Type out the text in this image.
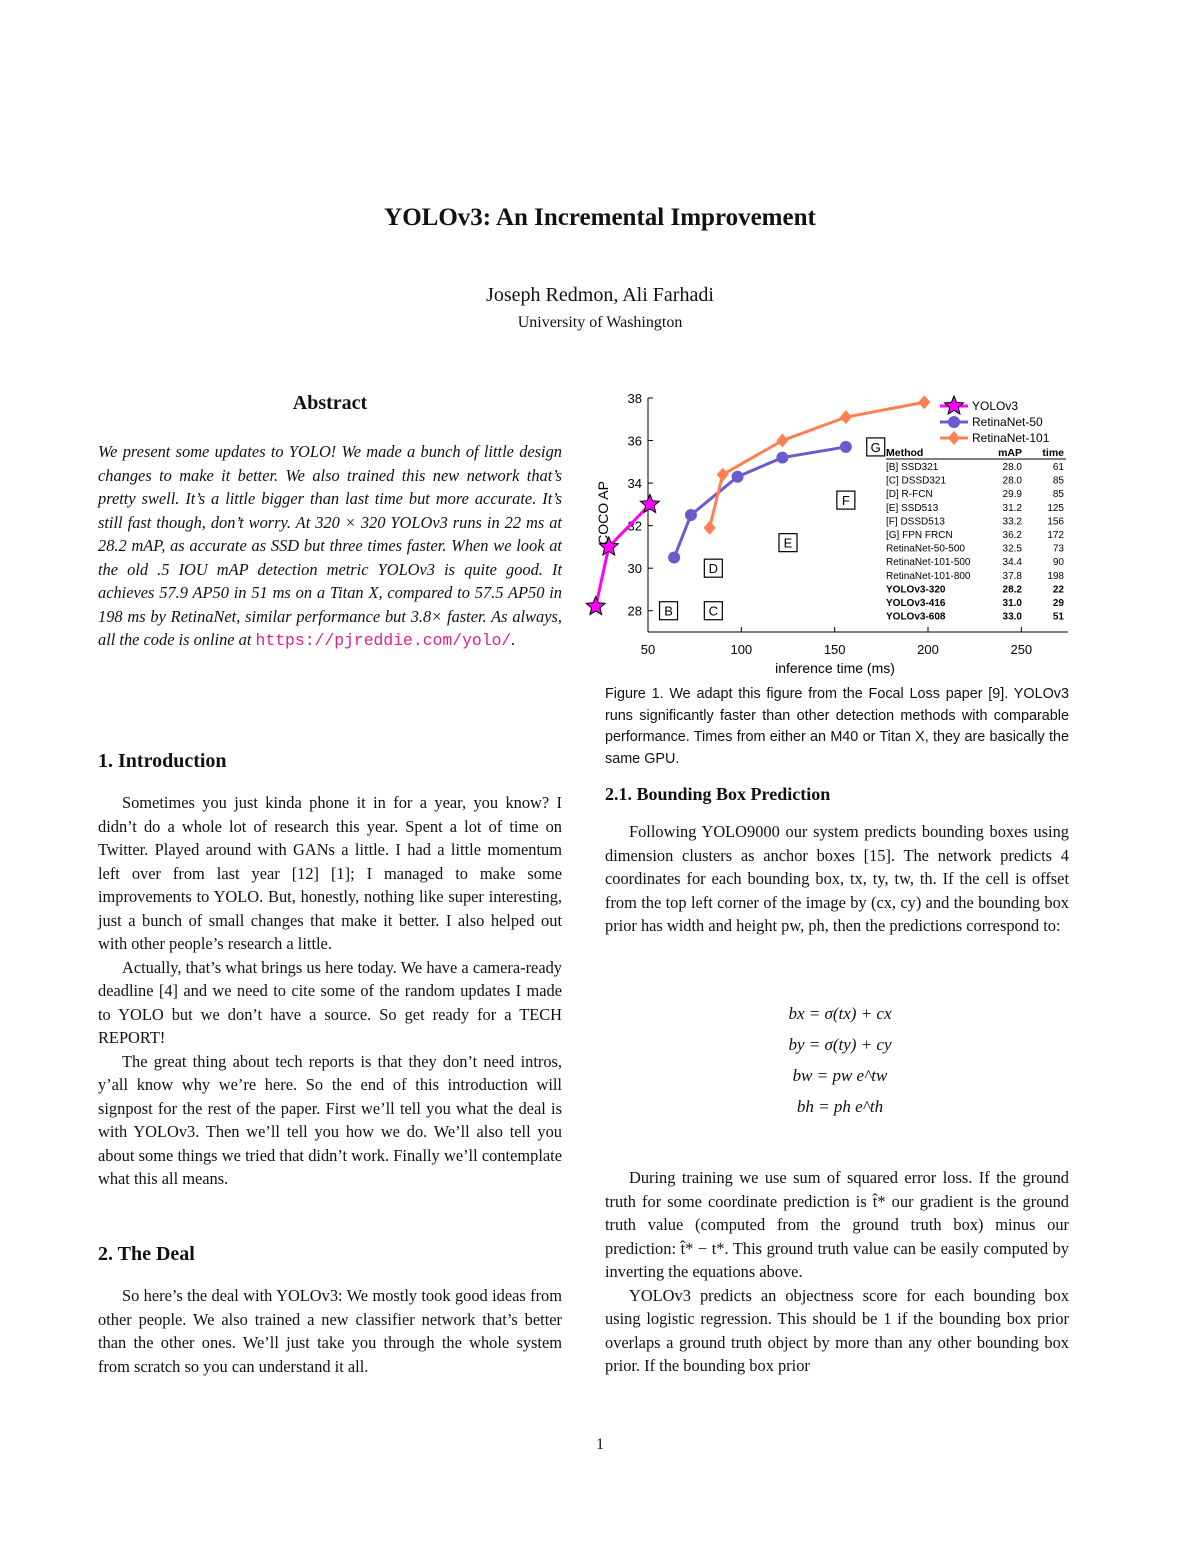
YOLOv3: An Incremental Improvement
Joseph Redmon, Ali Farhadi
University of Washington
Abstract

We present some updates to YOLO! We made a bunch of little design changes to make it better. We also trained this new network that’s pretty swell. It’s a little bigger than last time but more accurate. It’s still fast though, don’t worry. At 320 × 320 YOLOv3 runs in 22 ms at 28.2 mAP, as accurate as SSD but three times faster. When we look at the old .5 IOU mAP detection metric YOLOv3 is quite good. It achieves 57.9 AP50 in 51 ms on a Titan X, compared to 57.5 AP50 in 198 ms by RetinaNet, similar performance but 3.8× faster. As always, all the code is online at https://pjreddie.com/yolo/.

1. Introduction

Sometimes you just kinda phone it in for a year, you know? I didn’t do a whole lot of research this year. Spent a lot of time on Twitter. Played around with GANs a little. I had a little momentum left over from last year [12] [1]; I managed to make some improvements to YOLO. But, honestly, nothing like super interesting, just a bunch of small changes that make it better. I also helped out with other people’s research a little.

Actually, that’s what brings us here today. We have a camera-ready deadline [4] and we need to cite some of the random updates I made to YOLO but we don’t have a source. So get ready for a TECH REPORT!

The great thing about tech reports is that they don’t need intros, y’all know why we’re here. So the end of this introduction will signpost for the rest of the paper. First we’ll tell you what the deal is with YOLOv3. Then we’ll tell you how we do. We’ll also tell you about some things we tried that didn’t work. Finally we’ll contemplate what this all means.

2. The Deal

So here’s the deal with YOLOv3: We mostly took good ideas from other people. We also trained a new classifier network that’s better than the other ones. We’ll just take you through the whole system from scratch so you can understand it all.

50	100	150	200	250
28
30
32
34
36
38
B	C
D
E
F
G
YOLOv3
RetinaNet-50
RetinaNet-101
Method	mAP time
[B] SSD321	28.0	61
[C] DSSD321	28.0	85
[D] R-FCN	29.9	85
[E] SSD513	31.2	125
[F] DSSD513	33.2	156
[G] FPN FRCN	36.2	172
RetinaNet-50-500	32.5	73
RetinaNet-101-500	34.4	90
RetinaNet-101-800	37.8	198
YOLOv3-320	28.2	22
YOLOv3-416	31.0	29
YOLOv3-608	33.0	51
inference time (ms)
COCO AP
Figure 1. We adapt this figure from the Focal Loss paper [9]. YOLOv3 runs significantly faster than other detection methods with comparable performance. Times from either an M40 or Titan X, they are basically the same GPU.
2.1. Bounding Box Prediction

Following YOLO9000 our system predicts bounding boxes using dimension clusters as anchor boxes [15]. The network predicts 4 coordinates for each bounding box, tx, ty, tw, th. If the cell is offset from the top left corner of the image by (cx, cy) and the bounding box prior has width and height pw, ph, then the predictions correspond to:

bx = σ(tx) + cx
by = σ(ty) + cy
bw = pw e^tw
bh = ph e^th

During training we use sum of squared error loss. If the ground truth for some coordinate prediction is t̂* our gradient is the ground truth value (computed from the ground truth box) minus our prediction: t̂* − t*. This ground truth value can be easily computed by inverting the equations above.

YOLOv3 predicts an objectness score for each bounding box using logistic regression. This should be 1 if the bounding box prior overlaps a ground truth object by more than any other bounding box prior. If the bounding box prior

1
